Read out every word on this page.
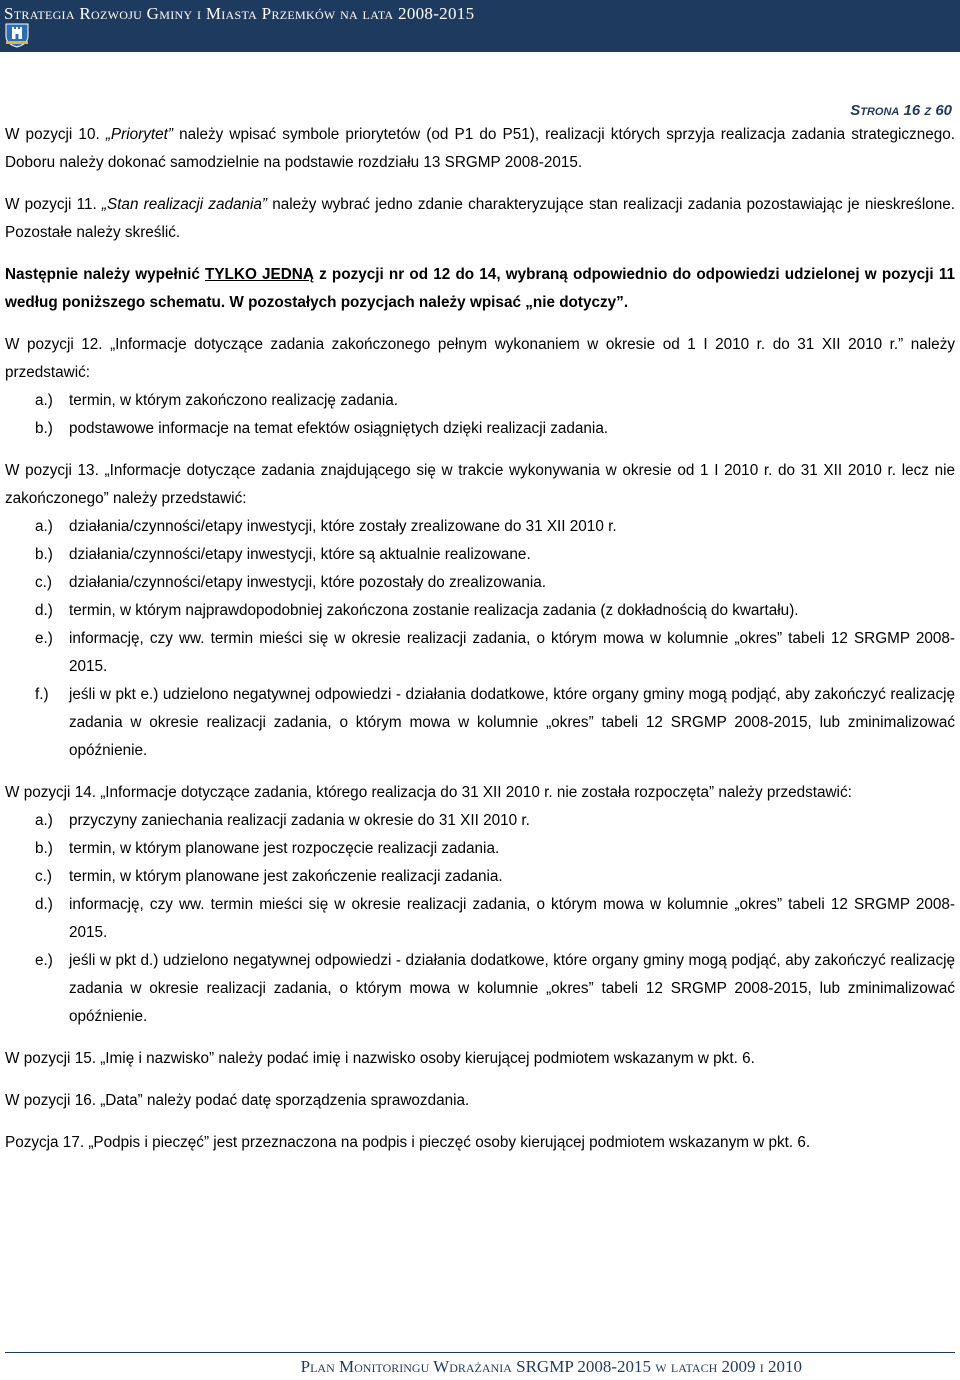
Strategia Rozwoju Gminy i Miasta Przemków na lata 2008-2015
Strona 16 z 60

W pozycji 10. „Priorytet” należy wpisać symbole priorytetów (od P1 do P51), realizacji których sprzyja realizacja zadania strategicznego. Doboru należy dokonać samodzielnie na podstawie rozdziału 13 SRGMP 2008-2015.

W pozycji 11. „Stan realizacji zadania” należy wybrać jedno zdanie charakteryzujące stan realizacji zadania pozostawiając je nieskreślone. Pozostałe należy skreślić.

Następnie należy wypełnić TYLKO JEDNĄ z pozycji nr od 12 do 14, wybraną odpowiednio do odpowiedzi udzielonej w pozycji 11 według poniższego schematu. W pozostałych pozycjach należy wpisać „nie dotyczy”.

W pozycji 12. „Informacje dotyczące zadania zakończonego pełnym wykonaniem w okresie od 1 I 2010 r. do 31 XII 2010 r.” należy przedstawić:

a.) termin, w którym zakończono realizację zadania.
b.) podstawowe informacje na temat efektów osiągniętych dzięki realizacji zadania.

W pozycji 13. „Informacje dotyczące zadania znajdującego się w trakcie wykonywania w okresie od 1 I 2010 r. do 31 XII 2010 r. lecz nie zakończonego” należy przedstawić:

a.) działania/czynności/etapy inwestycji, które zostały zrealizowane do 31 XII 2010 r.
b.) działania/czynności/etapy inwestycji, które są aktualnie realizowane.
c.) działania/czynności/etapy inwestycji, które pozostały do zrealizowania.
d.) termin, w którym najprawdopodobniej zakończona zostanie realizacja zadania (z dokładnością do kwartału).
e.) informację, czy ww. termin mieści się w okresie realizacji zadania, o którym mowa w kolumnie „okres” tabeli 12 SRGMP 2008-2015.
f.) jeśli w pkt e.) udzielono negatywnej odpowiedzi - działania dodatkowe, które organy gminy mogą podjąć, aby zakończyć realizację zadania w okresie realizacji zadania, o którym mowa w kolumnie „okres” tabeli 12 SRGMP 2008-2015, lub zminimalizować opóźnienie.

W pozycji 14. „Informacje dotyczące zadania, którego realizacja do 31 XII 2010 r. nie została rozpoczęta” należy przedstawić:

a.) przyczyny zaniechania realizacji zadania w okresie do 31 XII 2010 r.
b.) termin, w którym planowane jest rozpoczęcie realizacji zadania.
c.) termin, w którym planowane jest zakończenie realizacji zadania.
d.) informację, czy ww. termin mieści się w okresie realizacji zadania, o którym mowa w kolumnie „okres” tabeli 12 SRGMP 2008-2015.
e.) jeśli w pkt d.) udzielono negatywnej odpowiedzi - działania dodatkowe, które organy gminy mogą podjąć, aby zakończyć realizację zadania w okresie realizacji zadania, o którym mowa w kolumnie „okres” tabeli 12 SRGMP 2008-2015, lub zminimalizować opóźnienie.

W pozycji 15. „Imię i nazwisko” należy podać imię i nazwisko osoby kierującej podmiotem wskazanym w pkt. 6.

W pozycji 16. „Data” należy podać datę sporządzenia sprawozdania.

Pozycja 17. „Podpis i pieczęć” jest przeznaczona na podpis i pieczęć osoby kierującej podmiotem wskazanym w pkt. 6.

Plan Monitorin​gu Wdrażania SRGMP 2008-2015 w latach 2009 i 2010
